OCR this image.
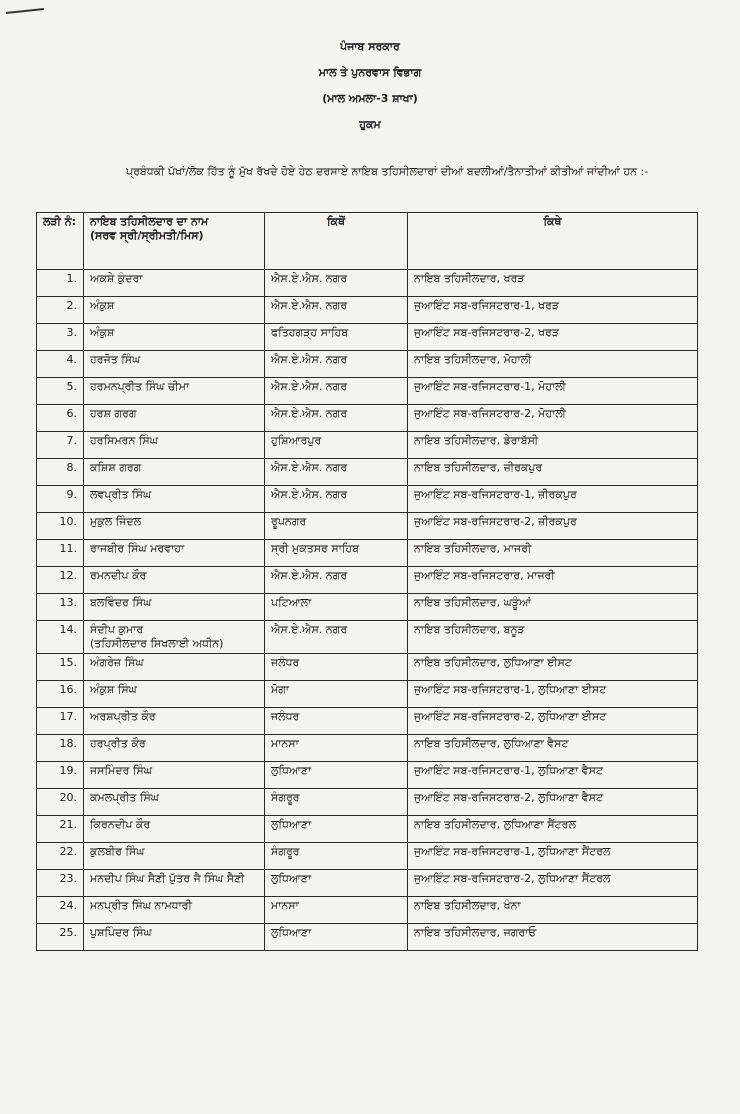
ਪੰਜਾਬ ਸਰਕਾਰ
ਮਾਲ ਤੇ ਪੁਨਰਵਾਸ ਵਿਭਾਗ
(ਮਾਲ ਅਮਲਾ-3 ਸ਼ਾਖਾ)
ਹੁਕਮ
ਪ੍ਰਬੰਧਕੀ ਪੱਖਾਂ/ਲੋਕ ਹਿੱਤ ਨੂੰ ਮੁੱਖ ਰੱਖਦੇ ਹੋਏ ਹੇਠ ਦਰਸਾਏ ਨਾਇਬ ਤਹਿਸੀਲਦਾਰਾਂ ਦੀਆਂ ਬਦਲੀਆਂ/ਤੈਨਾਤੀਆਂ ਕੀਤੀਆਂ ਜਾਂਦੀਆਂ ਹਨ :-
ਲੜੀ ਨੰ:	ਨਾਇਬ ਤਹਿਸੀਲਦਾਰ ਦਾ ਨਾਮ
(ਸਰਵ ਸ੍ਰੀ/ਸ੍ਰੀਮਤੀ/ਮਿਸ)	ਕਿਥੋਂ	ਕਿਥੇ

1.	ਅਕਸ਼ੇ ਕੁੰਦਰਾ	ਐਸ.ਏ.ਐਸ. ਨਗਰ	ਨਾਇਬ ਤਹਿਸੀਲਦਾਰ, ਖਰੜ

2.	ਅੰਕੁਸ਼	ਐਸ.ਏ.ਐਸ. ਨਗਰ	ਜੁਆਇੰਟ ਸਬ-ਰਜਿਸਟਰਾਰ-1, ਖਰੜ

3.	ਅੰਕੁਸ਼	ਫਤਿਹਗੜ੍ਹ ਸਾਹਿਬ	ਜੁਆਇੰਟ ਸਬ-ਰਜਿਸਟਰਾਰ-2, ਖਰੜ

4.	ਹਰਜੋਤ ਸਿੰਘ	ਐਸ.ਏ.ਐਸ. ਨਗਰ	ਨਾਇਬ ਤਹਿਸੀਲਦਾਰ, ਮੋਹਾਲੀ

5.	ਹਰਮਨਪ੍ਰੀਤ ਸਿੰਘ ਚੀਮਾ	ਐਸ.ਏ.ਐਸ. ਨਗਰ	ਜੁਆਇੰਟ ਸਬ-ਰਜਿਸਟਰਾਰ-1, ਮੋਹਾਲੀ

6.	ਹਰਸ਼ ਗਰਗ	ਐਸ.ਏ.ਐਸ. ਨਗਰ	ਜੁਆਇੰਟ ਸਬ-ਰਜਿਸਟਰਾਰ-2, ਮੋਹਾਲੀ

7.	ਹਰਸਿਮਰਨ ਸਿੰਘ	ਹੁਸ਼ਿਆਰਪੁਰ	ਨਾਇਬ ਤਹਿਸੀਲਦਾਰ, ਡੇਰਾਬੱਸੀ

8.	ਕਸ਼ਿਸ਼ ਗਰਗ	ਐਸ.ਏ.ਐਸ. ਨਗਰ	ਨਾਇਬ ਤਹਿਸੀਲਦਾਰ, ਜ਼ੀਰਕਪੁਰ

9.	ਲਵਪ੍ਰੀਤ ਸਿੰਘ	ਐਸ.ਏ.ਐਸ. ਨਗਰ	ਜੁਆਇੰਟ ਸਬ-ਰਜਿਸਟਰਾਰ-1, ਜ਼ੀਰਕਪੁਰ

10.	ਮੁਕੁਲ ਜਿੰਦਲ	ਰੂਪਨਗਰ	ਜੁਆਇੰਟ ਸਬ-ਰਜਿਸਟਰਾਰ-2, ਜ਼ੀਰਕਪੁਰ

11.	ਰਾਜਬੀਰ ਸਿੰਘ ਮਰਵਾਹਾ	ਸ੍ਰੀ ਮੁਕਤਸਰ ਸਾਹਿਬ	ਨਾਇਬ ਤਹਿਸੀਲਦਾਰ, ਮਾਜਰੀ

12.	ਰਮਨਦੀਪ ਕੌਰ	ਐਸ.ਏ.ਐਸ. ਨਗਰ	ਜੁਆਇੰਟ ਸਬ-ਰਜਿਸਟਰਾਰ, ਮਾਜਰੀ

13.	ਬਲਵਿੰਦਰ ਸਿੰਘ	ਪਟਿਆਲਾ	ਨਾਇਬ ਤਹਿਸੀਲਦਾਰ, ਘੜੂੰਆਂ

14.	ਸੰਦੀਪ ਕੁਮਾਰ
(ਤਹਿਸੀਲਦਾਰ ਸਿਖਲਾਈ ਅਧੀਨ)	ਐਸ.ਏ.ਐਸ. ਨਗਰ	ਨਾਇਬ ਤਹਿਸੀਲਦਾਰ, ਬਨੂੜ

15.	ਅੰਗਰੇਜ਼ ਸਿੰਘ	ਜਲੰਧਰ	ਨਾਇਬ ਤਹਿਸੀਲਦਾਰ, ਲੁਧਿਆਣਾ ਈਸਟ

16.	ਅੰਕੁਸ਼ ਸਿੰਘ	ਮੋਗਾ	ਜੁਆਇੰਟ ਸਬ-ਰਜਿਸਟਰਾਰ-1, ਲੁਧਿਆਣਾ ਈਸਟ

17.	ਅਰਸ਼ਪ੍ਰੀਤ ਕੌਰ	ਜਲੰਧਰ	ਜੁਆਇੰਟ ਸਬ-ਰਜਿਸਟਰਾਰ-2, ਲੁਧਿਆਣਾ ਈਸਟ

18.	ਹਰਪ੍ਰੀਤ ਕੌਰ	ਮਾਨਸਾ	ਨਾਇਬ ਤਹਿਸੀਲਦਾਰ, ਲੁਧਿਆਣਾ ਵੈਸਟ

19.	ਜਸਮਿੰਦਰ ਸਿੰਘ	ਲੁਧਿਆਣਾ	ਜੁਆਇੰਟ ਸਬ-ਰਜਿਸਟਰਾਰ-1, ਲੁਧਿਆਣਾ ਵੈਸਟ

20.	ਕਮਲਪ੍ਰੀਤ ਸਿੰਘ	ਸੰਗਰੂਰ	ਜੁਆਇੰਟ ਸਬ-ਰਜਿਸਟਰਾਰ-2, ਲੁਧਿਆਣਾ ਵੈਸਟ

21.	ਕਿਰਨਦੀਪ ਕੌਰ	ਲੁਧਿਆਣਾ	ਨਾਇਬ ਤਹਿਸੀਲਦਾਰ, ਲੁਧਿਆਣਾ ਸੈਂਟਰਲ

22.	ਕੁਲਬੀਰ ਸਿੰਘ	ਸੰਗਰੂਰ	ਜੁਆਇੰਟ ਸਬ-ਰਜਿਸਟਰਾਰ-1, ਲੁਧਿਆਣਾ ਸੈਂਟਰਲ

23.	ਮਨਦੀਪ ਸਿੰਘ ਸੈਣੀ ਪੁੱਤਰ ਜੈ ਸਿੰਘ ਸੈਣੀ	ਲੁਧਿਆਣਾ	ਜੁਆਇੰਟ ਸਬ-ਰਜਿਸਟਰਾਰ-2, ਲੁਧਿਆਣਾ ਸੈਂਟਰਲ

24.	ਮਨਪ੍ਰੀਤ ਸਿੰਘ ਨਾਮਧਾਰੀ	ਮਾਨਸਾ	ਨਾਇਬ ਤਹਿਸੀਲਦਾਰ, ਖੰਨਾ

25.	ਪੁਸ਼ਪਿੰਦਰ ਸਿੰਘ	ਲੁਧਿਆਣਾ	ਨਾਇਬ ਤਹਿਸੀਲਦਾਰ, ਜਗਰਾਓ
